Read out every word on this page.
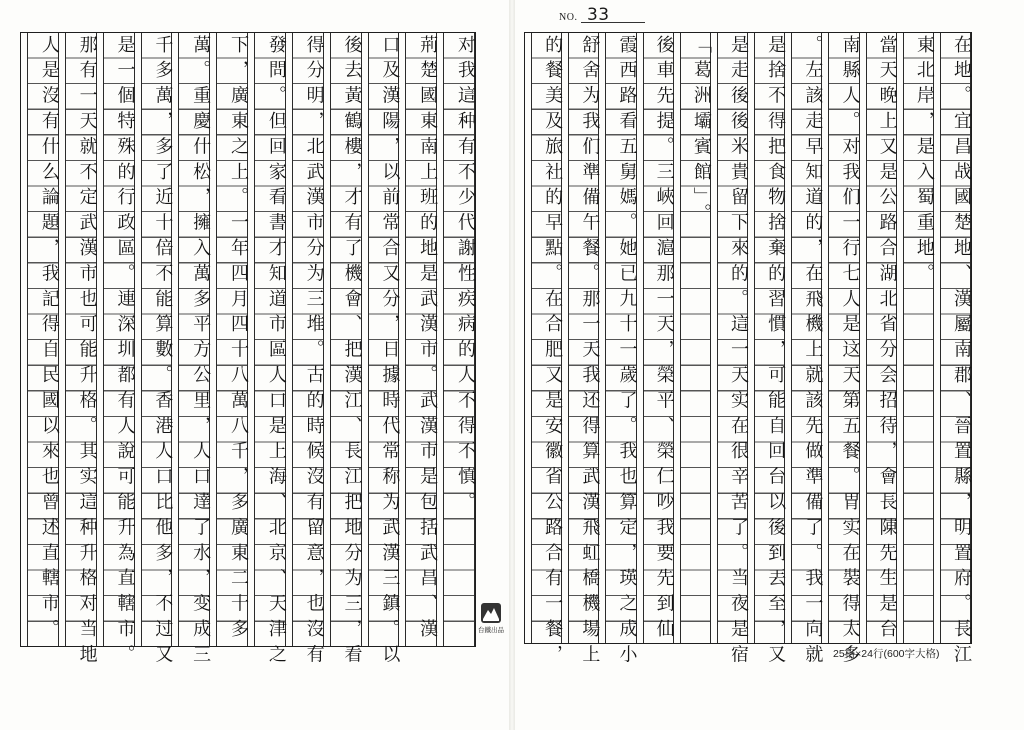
对我這种有不少代謝性疾病的人不得不慎。
荊楚國東南上班的地是武漢市。武漢市是包括武昌、漢
口及漢陽，以前常合又分，日據時代常称为武漢三鎮。以
後去黃鶴樓，才有了機會、把漢江、長江把地分为三，看
得分明，北武漢市分为三堆。古的時候沒有留意，也沒有
發問。但回家看書才知道市區人口是上海、北京、天津之
下，廣東之上。一年四月四十八萬八千，多廣東二十多
萬。重慶什松，擁入萬多平方公里，人口達了水，变成三
千多萬，多了近十倍不能算數。香港人口比他多，不过又
是一個特殊的行政區。連深圳都有人說可能升為直轄市。
那有一天就不定武漢市也可能升格。其实這种升格对当地
人是沒有什么論題，我記得自民國以來也曾述直轄市。	台鐵出品
NO. 33
在地。宜昌战國楚地、漢屬南郡、晉置縣，明置府。長江
東北岸，是入蜀重地。
當天晚上又是公路合湖北省分会招待，會長陳先生是台
南縣人。对我们一行七人是这天第五餐。胃实在裝得太多
。左該走早知道的，在飛機上就該先做準備了。我一向就
是捨不得把食物捨棄的習慣，可能自回台以後到丟至，又
是走後後米貴留下來的。這一天实在很辛苦了。当夜是宿
「葛洲壩賓館」。
後車先提。三峽回滬那一天，榮平、榮仁吵我要先到仙
霞西路看五舅媽。她已九十一歲了。我也算定，瑛之成小
舒舍为我们準備午餐。那一天我还得算武漢飛虹橋機場上
的餐美及旅社的早點。在合肥又是安徽省公路合有一餐，	25格×24行(600字大格)
